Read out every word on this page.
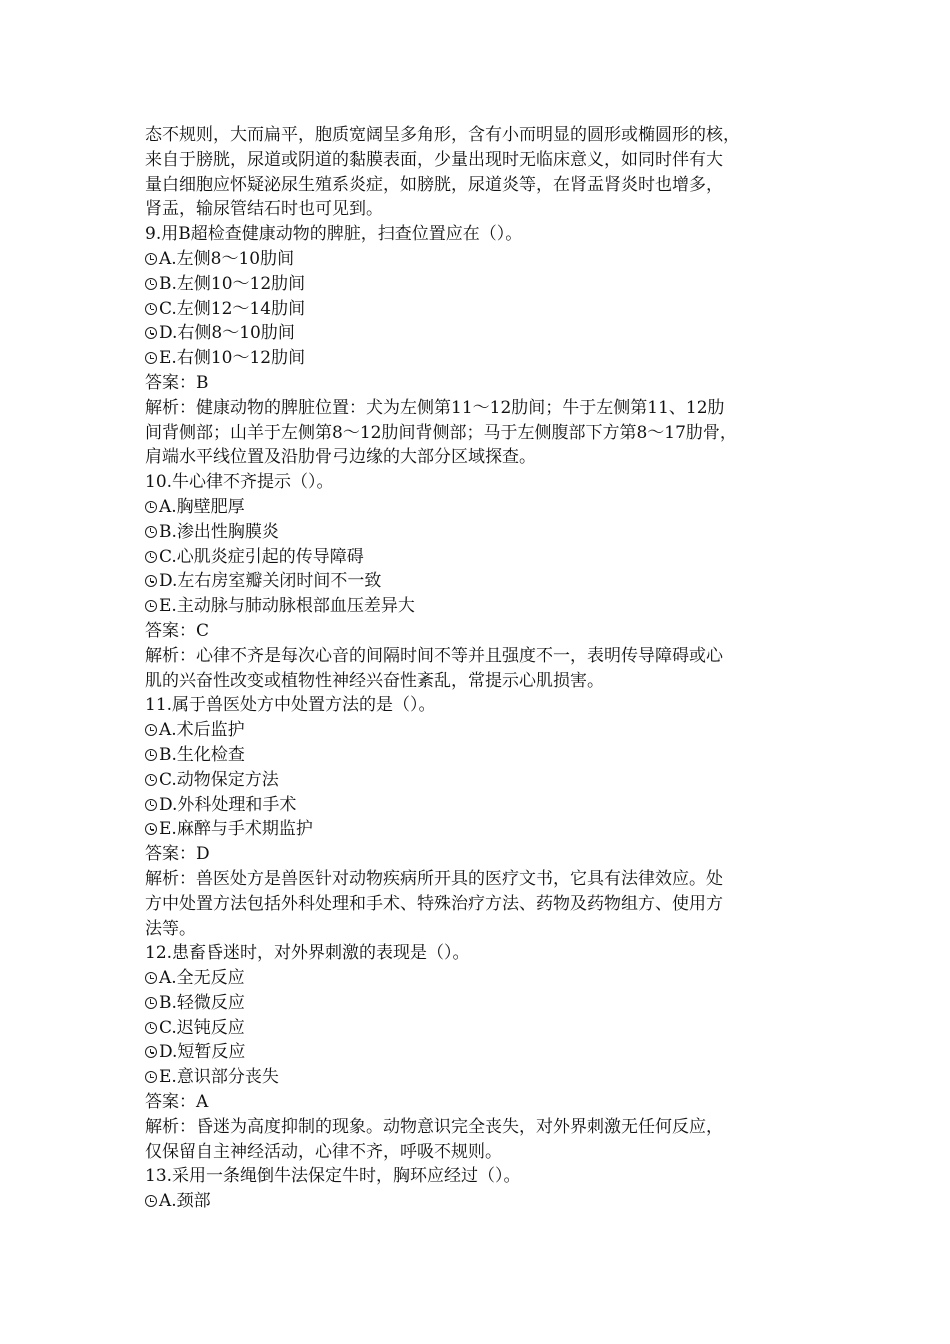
态不规则，大而扁平，胞质宽阔呈多角形，含有小而明显的圆形或椭圆形的核，
来自于膀胱，尿道或阴道的黏膜表面，少量出现时无临床意义，如同时伴有大
量白细胞应怀疑泌尿生殖系炎症，如膀胱，尿道炎等，在肾盂肾炎时也增多，
肾盂，输尿管结石时也可见到。
9.用B超检查健康动物的脾脏，扫查位置应在（）。
A.左侧8～10肋间
B.左侧10～12肋间
C.左侧12～14肋间
D.右侧8～10肋间
E.右侧10～12肋间
答案：B
解析：健康动物的脾脏位置：犬为左侧第11～12肋间；牛于左侧第11、12肋
间背侧部；山羊于左侧第8～12肋间背侧部；马于左侧腹部下方第8～17肋骨，
肩端水平线位置及沿肋骨弓边缘的大部分区域探查。
10.牛心律不齐提示（）。
A.胸壁肥厚
B.渗出性胸膜炎
C.心肌炎症引起的传导障碍
D.左右房室瓣关闭时间不一致
E.主动脉与肺动脉根部血压差异大
答案：C
解析：心律不齐是每次心音的间隔时间不等并且强度不一，表明传导障碍或心
肌的兴奋性改变或植物性神经兴奋性紊乱，常提示心肌损害。
11.属于兽医处方中处置方法的是（）。
A.术后监护
B.生化检查
C.动物保定方法
D.外科处理和手术
E.麻醉与手术期监护
答案：D
解析：兽医处方是兽医针对动物疾病所开具的医疗文书，它具有法律效应。处
方中处置方法包括外科处理和手术、特殊治疗方法、药物及药物组方、使用方
法等。
12.患畜昏迷时，对外界刺激的表现是（）。
A.全无反应
B.轻微反应
C.迟钝反应
D.短暂反应
E.意识部分丧失
答案：A
解析：昏迷为高度抑制的现象。动物意识完全丧失，对外界刺激无任何反应，
仅保留自主神经活动，心律不齐，呼吸不规则。
13.采用一条绳倒牛法保定牛时，胸环应经过（）。
A.颈部
